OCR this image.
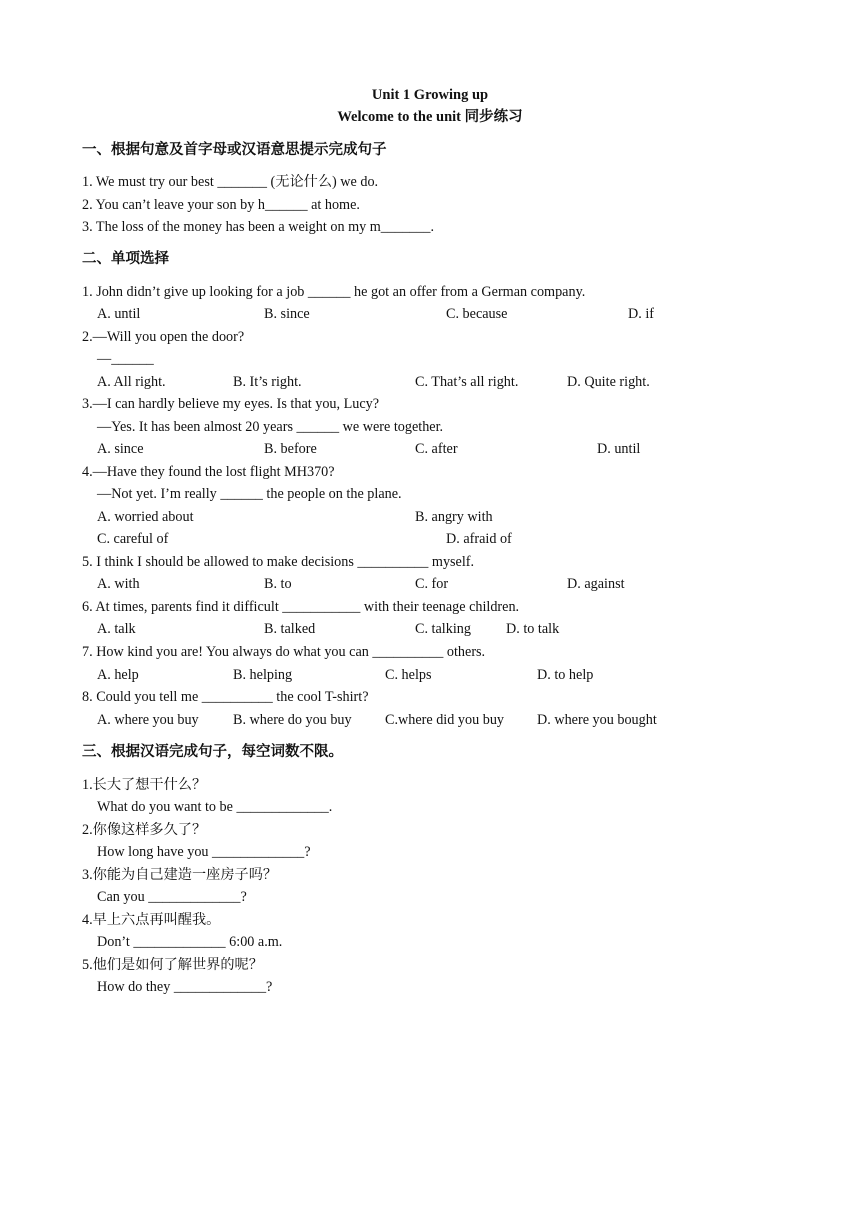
Unit 1 Growing up
Welcome to the unit 同步练习
一、根据句意及首字母或汉语意思提示完成句子
1. We must try our best _______ (无论什么) we do.
2. You can’t leave your son by h______ at home.
3. The loss of the money has been a weight on my m_______.
二、单项选择
1. John didn’t give up looking for a job ______ he got an offer from a German company.
A. until	B. since	C. because	D. if
2.—Will you open the door?
—______
A. All right.	B. It’s right.	C. That’s all right.	D. Quite right.
3.—I can hardly believe my eyes. Is that you, Lucy?
—Yes. It has been almost 20 years ______ we were together.
A. since	B. before	C. after	D. until
4.—Have they found the lost flight MH370?
—Not yet. I’m really ______ the people on the plane.
A. worried about	B. angry with
C. careful of	D. afraid of
5. I think I should be allowed to make decisions __________ myself.
A. with	B. to	C. for	D. against
6. At times, parents find it difficult ___________ with their teenage children.
A. talk	B. talked	C. talking D. to talk
7. How kind you are! You always do what you can __________ others.
A. help	B. helping	C. helps	D. to help
8. Could you tell me __________ the cool T-shirt?
A. where you buy B. where do you buy C.where did you buy D. where you bought
三、根据汉语完成句子，每空词数不限。
1.长大了想干什么？
What do you want to be _____________.
2.你像这样多久了？
How long have you _____________?
3.你能为自己建造一座房子吗？
Can you _____________?
4.早上六点再叫醒我。
Don’t _____________ 6:00 a.m.
5.他们是如何了解世界的呢？
How do they _____________?
